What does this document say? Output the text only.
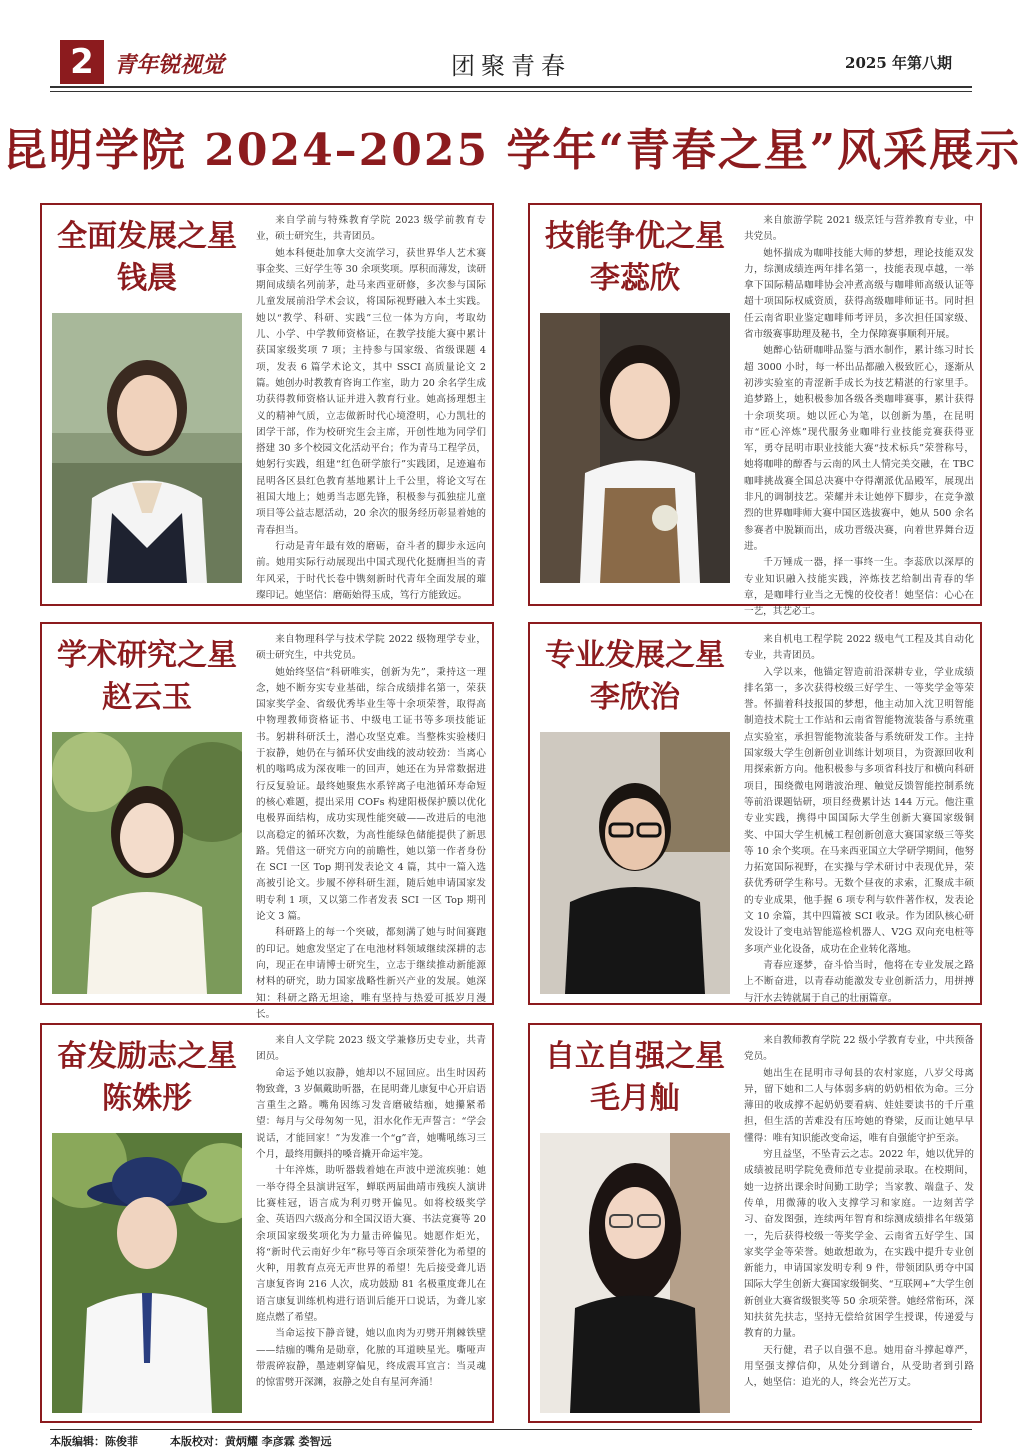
2 青年锐视觉	团聚青春	2025 年第八期
昆明学院 2024–2025 学年“青春之星”风采展示
全面发展之星
钱晨

来自学前与特殊教育学院 2023 级学前教育专业，硕士研究生，共青团员。

她本科便赴加拿大交流学习，获世界华人艺术赛事金奖、三好学生等 30 余项奖项。厚积而薄发，读研期间成绩名列前茅，赴马来西亚研修，多次参与国际儿童发展前沿学术会议，将国际视野融入本土实践。她以“教学、科研、实践”三位一体为方向，考取幼儿、小学、中学教师资格证，在教学技能大赛中累计获国家级奖项 7 项；主持参与国家级、省级课题 4 项，发表 6 篇学术论文，其中 SSCI 高质量论文 2 篇。她创办时教教育咨询工作室，助力 20 余名学生成功获得教师资格认证并进入教育行业。她高扬理想主义的精神气质，立志做新时代心境澄明，心力凯壮的团学干部，作为校研究生会主席，开创性地为同学们搭建 30 多个校园文化活动平台；作为青马工程学员，她躬行实践，组建“红色研学旅行”实践团，足迹遍布昆明各区县红色教育基地累计上千公里，将论文写在祖国大地上；她勇当志愿先锋，积极参与孤独症儿童项目等公益志愿活动，20 余次的服务经历彰显着她的青春担当。

行动是青年最有效的磨砺，奋斗者的脚步永远向前。她用实际行动展现出中国式现代化挺膺担当的青年风采，于时代长卷中镌刻新时代青年全面发展的璀璨印记。她坚信：磨砺始得玉成，笃行方能致远。

技能争优之星
李蕊欣

来自旅游学院 2021 级烹饪与营养教育专业，中共党员。

她怀揣成为咖啡技能大师的梦想，理论技能双发力，综测成绩连两年排名第一，技能表现卓越，一举拿下国际精品咖啡协会冲煮高级与咖啡师高级认证等超十项国际权威资质，获得高级咖啡师证书。同时担任云南省职业鉴定咖啡师考评员，多次担任国家级、省市级赛事助理及秘书，全力保障赛事顺利开展。

她醉心钻研咖啡品鉴与酒水制作，累计练习时长超 3000 小时，每一杯出品都融入极致匠心，逐渐从初涉实验室的青涩新手成长为技艺精湛的行家里手。追梦路上，她积极参加各级各类咖啡赛事，累计获得十余项奖项。她以匠心为笔，以创新为墨，在昆明市“匠心淬炼”现代服务业咖啡行业技能竞赛获得亚军，勇夺昆明市职业技能大赛“技术标兵”荣誉称号，她将咖啡的醇香与云南的风土人情完美交融，在 TBC 咖啡挑战赛全国总决赛中夺得潮派优品殿军，展现出非凡的调制技艺。荣耀并未让她停下脚步，在竞争激烈的世界咖啡师大赛中国区选拔赛中，她从 500 余名参赛者中脱颖而出，成功晋级决赛，向着世界舞台迈进。

千万锤成一器，择一事终一生。李蕊欣以深厚的专业知识融入技能实践，淬炼技艺给制出青春的华章，是咖啡行业当之无愧的佼佼者！她坚信：心心在一艺，其艺必工。

学术研究之星
赵云玉

来自物理科学与技术学院 2022 级物理学专业，硕士研究生，中共党员。

她始终坚信“科研唯实，创新为先”，秉持这一理念，她不断夯实专业基础，综合成绩排名第一，荣获国家奖学金、省级优秀毕业生等十余项荣誉，取得高中物理教师资格证书、中级电工证书等多项技能证书。躬耕科研沃土，潜心攻坚克难。当整株实验楼归于寂静，她仍在与循环伏安曲线的波动较劲：当离心机的嗡鸣成为深夜唯一的回声，她还在为异常数据进行反复验证。最终她聚焦水系锌离子电池循环寿命短的核心难题，提出采用 COFs 构建阳极保护膜以优化电极界面结构，成功实现性能突破——改进后的电池以高稳定的循环次数，为高性能绿色储能提供了新思路。凭借这一研究方向的前瞻性，她以第一作者身份在 SCI 一区 Top 期刊发表论文 4 篇，其中一篇入选高被引论文。步履不停科研生涯，随后她申请国家发明专利 1 项，又以第二作者发表 SCI 一区 Top 期刊论文 3 篇。

科研路上的每一个突破，都刻满了她与时间赛跑的印记。她愈发坚定了在电池材料领域继续深耕的志向，现正在申请博士研究生，立志于继续推动新能源材料的研究，助力国家战略性新兴产业的发展。她深知：科研之路无坦途，唯有坚持与热爱可抵岁月漫长。

专业发展之星
李欣治

来自机电工程学院 2022 级电气工程及其自动化专业，共青团员。

入学以来，他锚定智造前沿深耕专业，学业成绩排名第一，多次获得校级三好学生、一等奖学金等荣誉。怀揣着科技报国的梦想，他主动加入沈卫明智能制造技术院士工作站和云南省智能物流装备与系统重点实验室，承担智能物流装备与系统研发工作。主持国家级大学生创新创业训练计划项目，为资源回收利用探索新方向。他积极参与多项省科技厅和横向科研项目，围绕微电网谐波治理、触觉反馈智能控制系统等前沿课题钻研，项目经费累计达 144 万元。他注重专业实践，携得中国国际大学生创新大赛国家级铜奖、中国大学生机械工程创新创意大赛国家级三等奖等 10 余个奖项。在马来西亚国立大学研学期间，他努力拓宽国际视野，在实操与学术研讨中表现优异，荣获优秀研学生称号。无数个昼夜的求索，汇聚成丰硕的专业成果，他手握 6 项专利与软件著作权，发表论文 10 余篇，其中四篇被 SCI 收录。作为团队核心研发设计了变电站智能巡检机器人、V2G 双向充电桩等多项产业化设备，成功在企业转化落地。

青春应逐梦，奋斗恰当时，他将在专业发展之路上不断奋进，以青春动能激发专业创新活力，用拼搏与汗水去铸就属于自己的壮丽篇章。

奋发励志之星
陈姝彤

来自人文学院 2023 级文学兼修历史专业，共青团员。

命运予她以寂静，她却以不屈回应。出生时因药物致聋，3 岁佩戴助听器，在昆明聋儿康复中心开启语言重生之路。嘴角因练习发音磨破结痂，她攥紧希望：每月与父母匆匆一见，泪水化作无声誓言：“学会说话，才能回家！”为发准一个“g”音，她嘴吼练习三个月，最终用颤抖的嗓音撬开命运牢笼。

十年淬炼，助听器载着她在声波中逆流疾驰：她一举夺得全县演讲冠军，蝉联两届曲靖市残疾人演讲比赛桂冠，语言成为利刃劈开偏见。如将校级奖学金、英语四六级高分和全国汉语大赛、书法竞赛等 20 余项国家级奖项化为力量击碎偏见。她愿作炬光，将“新时代云南好少年”称号等百余项荣誉化为希望的火种，用教育点亮无声世界的希望！先后接受聋儿语言康复咨询 216 人次，成功鼓励 81 名极重度聋儿在语言康复训练机构进行语训后能开口说话，为聋儿家庭点燃了希望。

当命运按下静音键，她以血肉为刃劈开荆棘铁壁——结痂的嘴角是勋章，化脓的耳道映星光。嘶哑声带震碎寂静，墨迹刺穿偏见，终成震耳宣言：当灵魂的惊雷劈开深渊，寂静之处自有星河奔涌！

自立自强之星
毛月舢

来自教师教育学院 22 级小学教育专业，中共预备党员。

她出生在昆明市寻甸县的农村家庭，八岁父母离异，留下她和二人与体弱多病的奶奶相依为命。三分薄田的收成撑不起奶奶要看病、娃娃要读书的千斤重担，但生活的苦难没有压垮她的脊梁，反而让她早早懂得：唯有知识能改变命运，唯有自强能守护至亲。

穷且益坚，不坠青云之志。2022 年，她以优异的成绩被昆明学院免费师范专业提前录取。在校期间，她一边挤出课余时间勤工助学；当家教、端盘子、发传单，用微薄的收入支撑学习和家庭。一边刻苦学习、奋发图强，连续两年智育和综测成绩排名年级第一，先后获得校级一等奖学金、云南省五好学生、国家奖学金等荣誉。她敢想敢为，在实践中提升专业创新能力，申请国家发明专利 9 件，带领团队勇夺中国国际大学生创新大赛国家级铜奖、“互联网+”大学生创新创业大赛省级银奖等 50 余项荣誉。她经常衔环，深知扶贫先扶志，坚持无偿给贫困学生授课，传递爱与教育的力量。

天行健，君子以自强不息。她用奋斗撑起尊严，用坚强支撑信仰，从处分到谱台，从受助者到引路人，她坚信：追光的人，终会光芒万丈。

本版编辑：陈俊菲	本版校对：黄炳耀 李彦霖 娄智远
